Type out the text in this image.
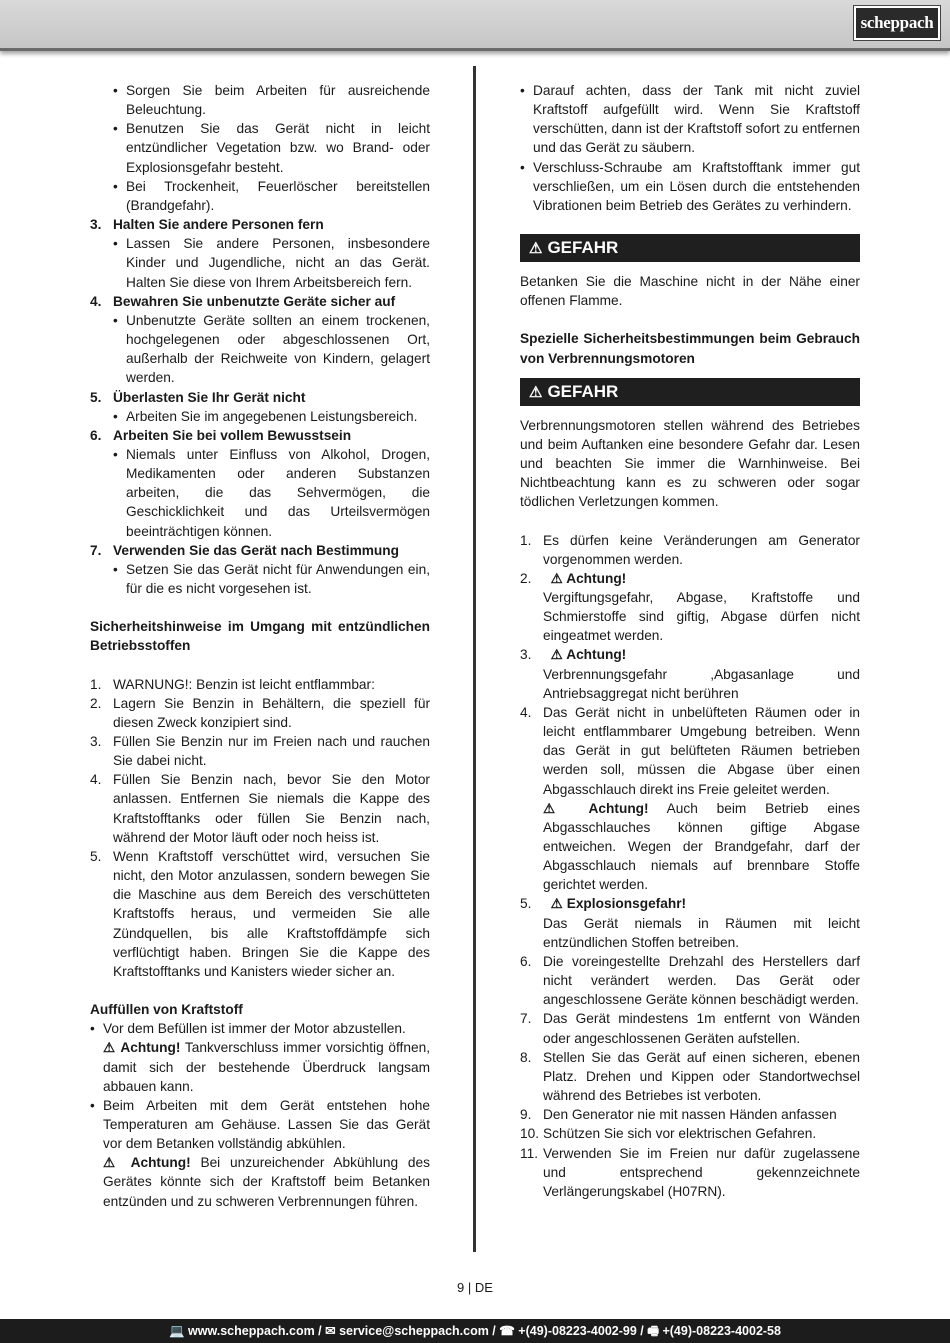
scheppach
• Sorgen Sie beim Arbeiten für ausreichende Beleuchtung.
• Benutzen Sie das Gerät nicht in leicht entzündlicher Vegetation bzw. wo Brand- oder Explosionsgefahr besteht.
• Bei Trockenheit, Feuerlöscher bereitstellen (Brandgefahr).
3. Halten Sie andere Personen fern
• Lassen Sie andere Personen, insbesondere Kinder und Jugendliche, nicht an das Gerät. Halten Sie diese von Ihrem Arbeitsbereich fern.
4. Bewahren Sie unbenutzte Geräte sicher auf
• Unbenutzte Geräte sollten an einem trockenen, hochgelegenen oder abgeschlossenen Ort, außerhalb der Reichweite von Kindern, gelagert werden.
5. Überlasten Sie Ihr Gerät nicht
• Arbeiten Sie im angegebenen Leistungsbereich.
6. Arbeiten Sie bei vollem Bewusstsein
• Niemals unter Einfluss von Alkohol, Drogen, Medikamenten oder anderen Substanzen arbeiten, die das Sehvermögen, die Geschicklichkeit und das Urteilsvermögen beeinträchtigen können.
7. Verwenden Sie das Gerät nach Bestimmung
• Setzen Sie das Gerät nicht für Anwendungen ein, für die es nicht vorgesehen ist.

Sicherheitshinweise im Umgang mit entzündlichen Betriebsstoffen

1. WARNUNG!: Benzin ist leicht entflammbar:
2. Lagern Sie Benzin in Behältern, die speziell für diesen Zweck konzipiert sind.
3. Füllen Sie Benzin nur im Freien nach und rauchen Sie dabei nicht.
4. Füllen Sie Benzin nach, bevor Sie den Motor anlassen. Entfernen Sie niemals die Kappe des Kraftstofftanks oder füllen Sie Benzin nach, während der Motor läuft oder noch heiss ist.
5. Wenn Kraftstoff verschüttet wird, versuchen Sie nicht, den Motor anzulassen, sondern bewegen Sie die Maschine aus dem Bereich des verschütteten Kraftstoffs heraus, und vermeiden Sie alle Zündquellen, bis alle Kraftstoffdämpfe sich verflüchtigt haben. Bringen Sie die Kappe des Kraftstofftanks und Kanisters wieder sicher an.

Auffüllen von Kraftstoff

• Vor dem Befüllen ist immer der Motor abzustellen.
⚠ Achtung! Tankverschluss immer vorsichtig öffnen, damit sich der bestehende Überdruck langsam abbauen kann.
• Beim Arbeiten mit dem Gerät entstehen hohe Temperaturen am Gehäuse. Lassen Sie das Gerät vor dem Betanken vollständig abkühlen.
⚠ Achtung! Bei unzureichender Abkühlung des Gerätes könnte sich der Kraftstoff beim Betanken entzünden und zu schweren Verbrennungen führen.
• Darauf achten, dass der Tank mit nicht zuviel Kraftstoff aufgefüllt wird. Wenn Sie Kraftstoff verschütten, dann ist der Kraftstoff sofort zu entfernen und das Gerät zu säubern.
• Verschluss-Schraube am Kraftstofftank immer gut verschließen, um ein Lösen durch die entstehenden Vibrationen beim Betrieb des Gerätes zu verhindern.
⚠ GEFAHR

Betanken Sie die Maschine nicht in der Nähe einer offenen Flamme.

Spezielle Sicherheitsbestimmungen beim Gebrauch von Verbrennungsmotoren

⚠ GEFAHR

Verbrennungsmotoren stellen während des Betriebes und beim Auftanken eine besondere Gefahr dar. Lesen und beachten Sie immer die Warnhinweise. Bei Nichtbeachtung kann es zu schweren oder sogar tödlichen Verletzungen kommen.

1. Es dürfen keine Veränderungen am Generator vorgenommen werden.
2. ⚠ Achtung!
Vergiftungsgefahr, Abgase, Kraftstoffe und Schmierstoffe sind giftig, Abgase dürfen nicht eingeatmet werden.
3. ⚠ Achtung!
Verbrennungsgefahr ,Abgasanlage und Antriebsaggregat nicht berühren
4. Das Gerät nicht in unbelüfteten Räumen oder in leicht entflammbarer Umgebung betreiben. Wenn das Gerät in gut belüfteten Räumen betrieben werden soll, müssen die Abgase über einen Abgasschlauch direkt ins Freie geleitet werden.
⚠ Achtung! Auch beim Betrieb eines Abgasschlauches können giftige Abgase entweichen. Wegen der Brandgefahr, darf der Abgasschlauch niemals auf brennbare Stoffe gerichtet werden.
5. ⚠ Explosionsgefahr!
Das Gerät niemals in Räumen mit leicht entzündlichen Stoffen betreiben.
6. Die voreingestellte Drehzahl des Herstellers darf nicht verändert werden. Das Gerät oder angeschlossene Geräte können beschädigt werden.
7. Das Gerät mindestens 1m entfernt von Wänden oder angeschlossenen Geräten aufstellen.
8. Stellen Sie das Gerät auf einen sicheren, ebenen Platz. Drehen und Kippen oder Standortwechsel während des Betriebes ist verboten.
9. Den Generator nie mit nassen Händen anfassen
10. Schützen Sie sich vor elektrischen Gefahren.
11. Verwenden Sie im Freien nur dafür zugelassene und entsprechend gekennzeichnete Verlängerungskabel (H07RN).
9 | DE
💻 www.scheppach.com / ✉ service@scheppach.com / ☎ +(49)-08223-4002-99 / 🖷 +(49)-08223-4002-58
